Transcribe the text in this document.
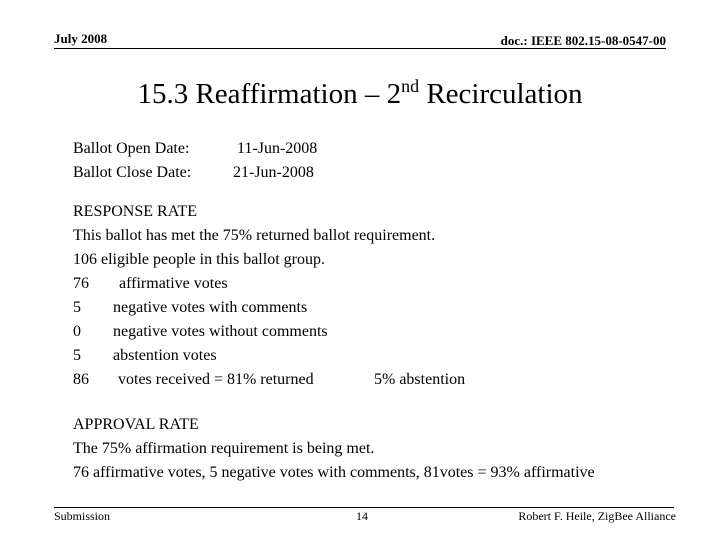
July 2008	doc.: IEEE 802.15-08-0547-00
15.3 Reaffirmation – 2nd Recirculation
Ballot Open Date:	11-Jun-2008
Ballot Close Date:	21-Jun-2008
RESPONSE RATE
This ballot has met the 75% returned ballot requirement.
106 eligible people in this ballot group.
76	affirmative votes
5	negative votes with comments
0	negative votes without comments
5	abstention votes
86	votes received = 81% returned	5% abstention
APPROVAL RATE
The 75% affirmation requirement is being met.
76 affirmative votes, 5 negative votes with comments, 81votes = 93% affirmative
Submission	14	Robert F. Heile, ZigBee Alliance
